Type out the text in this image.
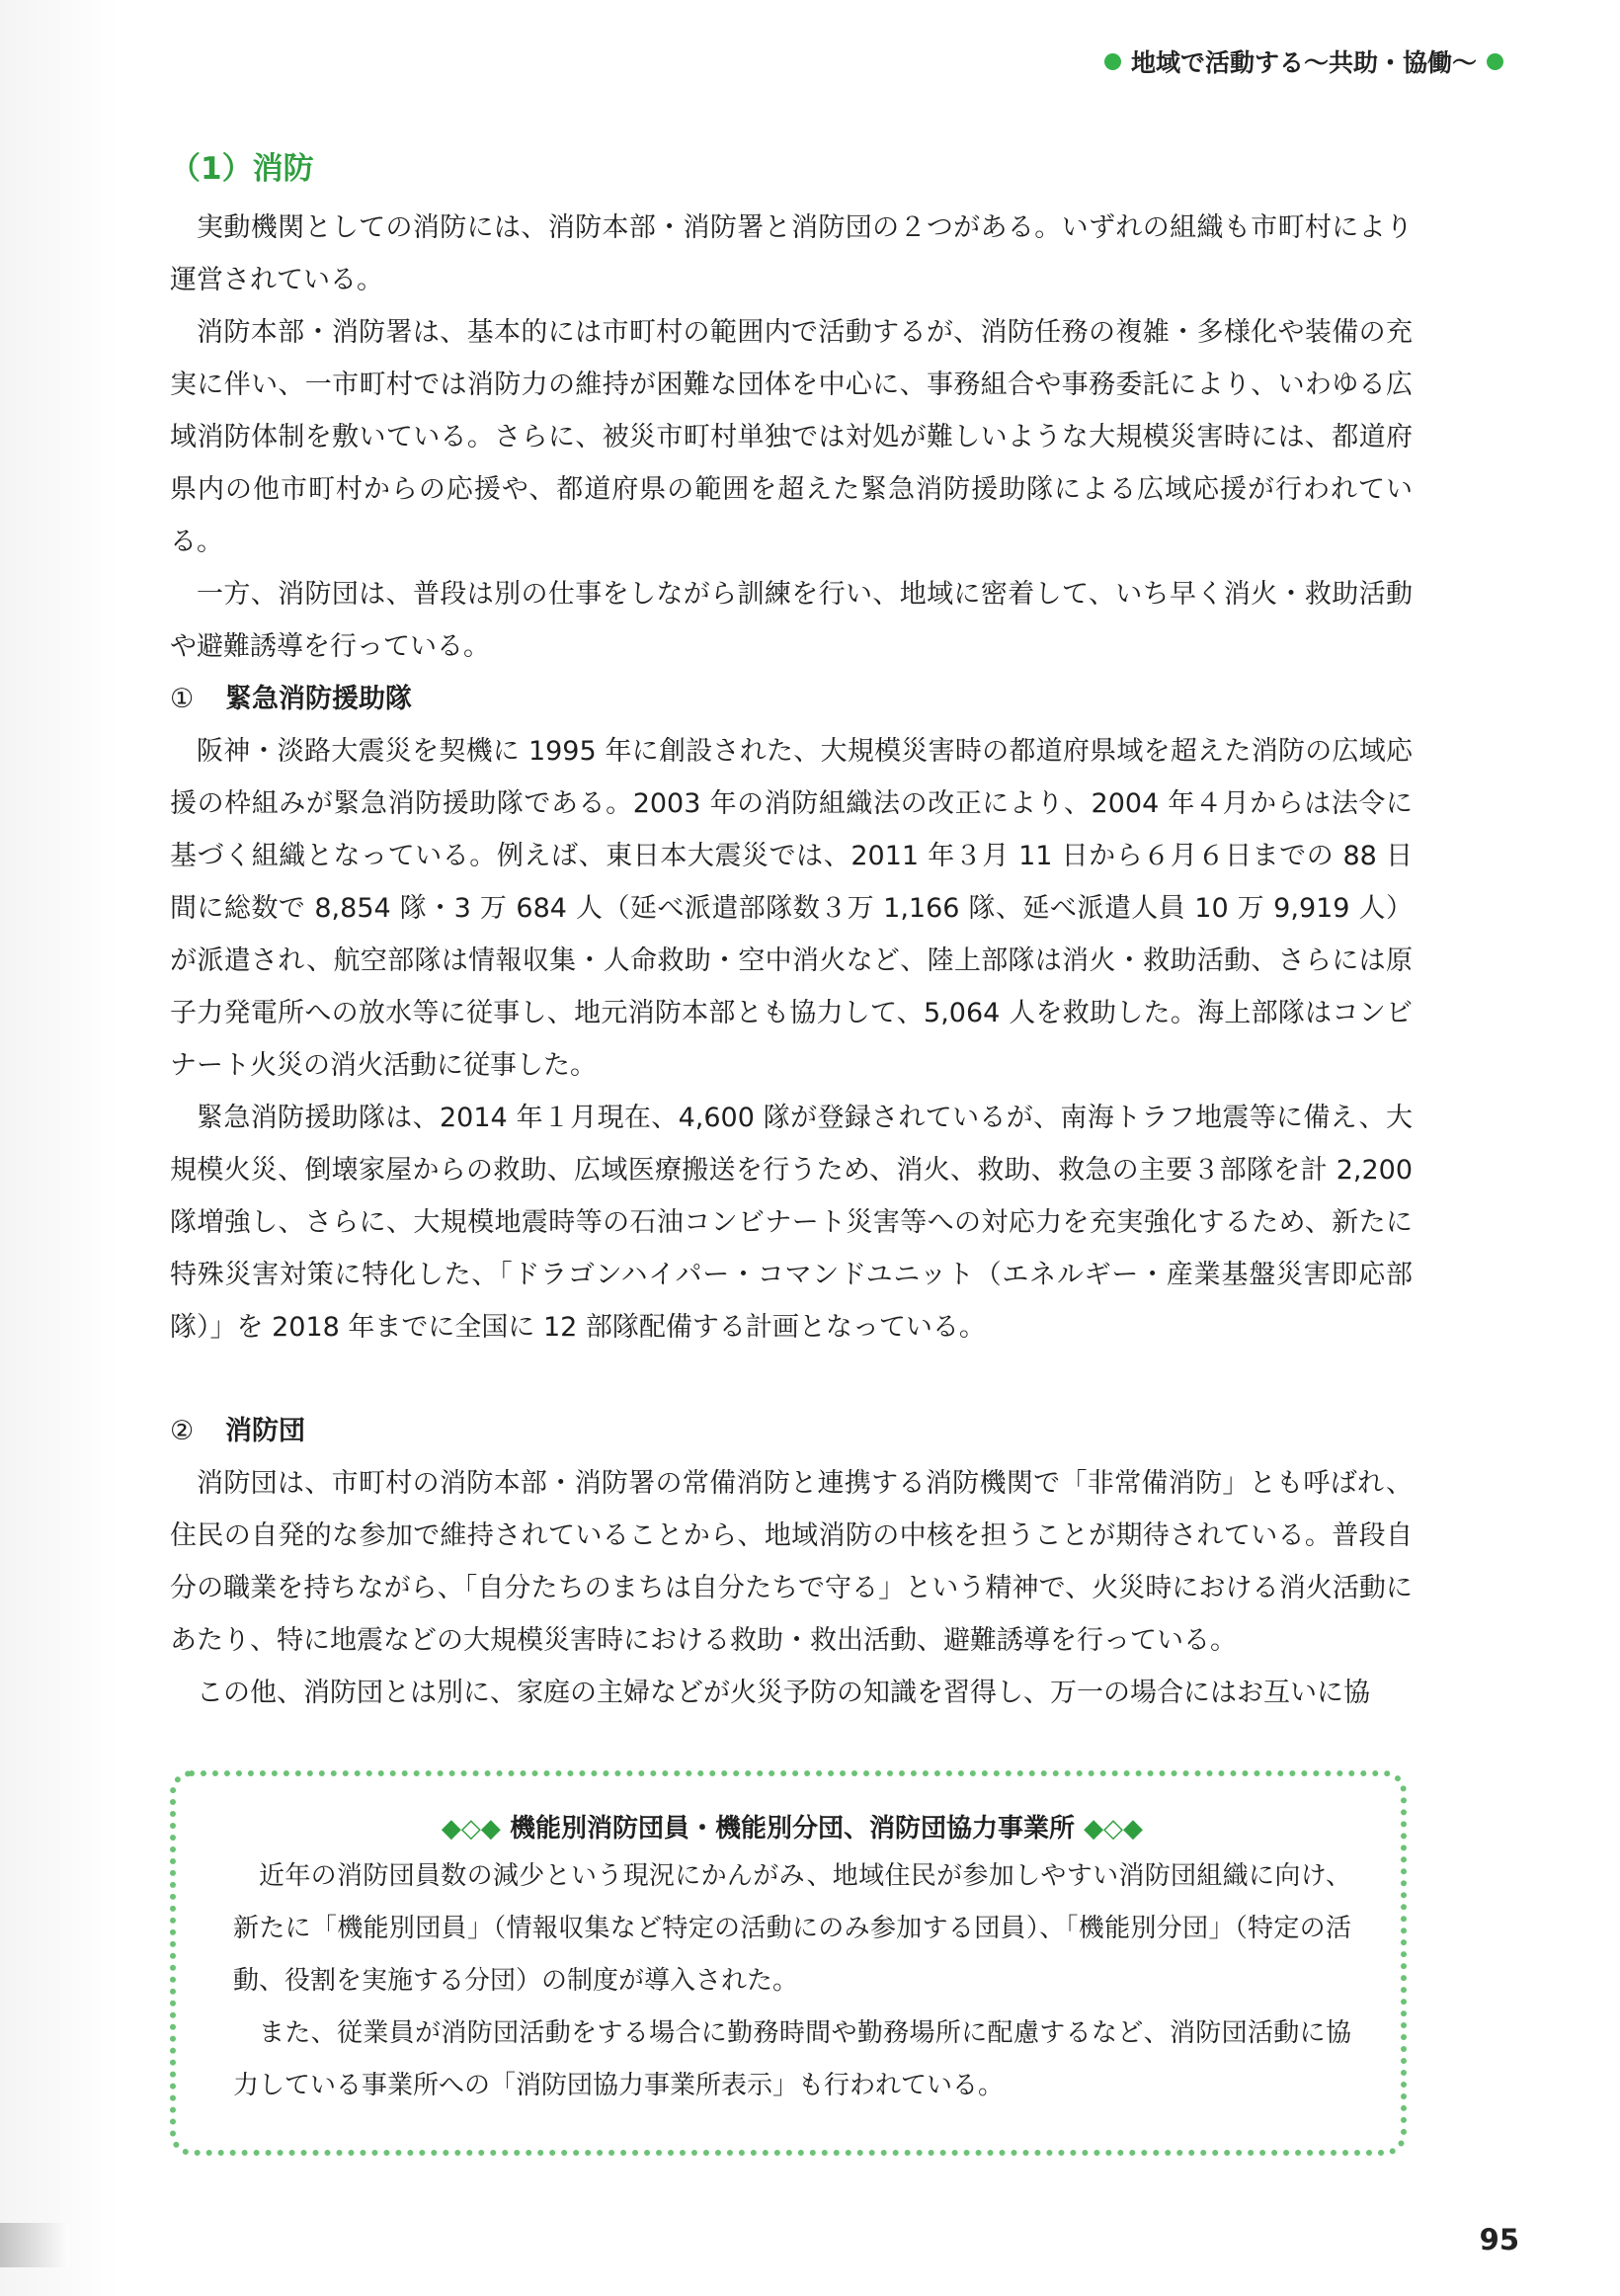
地域で活動する〜共助・協働〜
（1）消防

実動機関としての消防には、消防本部・消防署と消防団の２つがある。いずれの組織も市町村により運営されている。

消防本部・消防署は、基本的には市町村の範囲内で活動するが、消防任務の複雑・多様化や装備の充実に伴い、一市町村では消防力の維持が困難な団体を中心に、事務組合や事務委託により、いわゆる広域消防体制を敷いている。さらに、被災市町村単独では対処が難しいような大規模災害時には、都道府県内の他市町村からの応援や、都道府県の範囲を超えた緊急消防援助隊による広域応援が行われている。

一方、消防団は、普段は別の仕事をしながら訓練を行い、地域に密着して、いち早く消火・救助活動や避難誘導を行っている。

① 緊急消防援助隊

阪神・淡路大震災を契機に 1995 年に創設された、大規模災害時の都道府県域を超えた消防の広域応援の枠組みが緊急消防援助隊である。2003 年の消防組織法の改正により、2004 年４月からは法令に基づく組織となっている。例えば、東日本大震災では、2011 年３月 11 日から６月６日までの 88 日間に総数で 8,854 隊・3 万 684 人（延べ派遣部隊数３万 1,166 隊、延べ派遣人員 10 万 9,919 人）が派遣され、航空部隊は情報収集・人命救助・空中消火など、陸上部隊は消火・救助活動、さらには原子力発電所への放水等に従事し、地元消防本部とも協力して、5,064 人を救助した。海上部隊はコンビナート火災の消火活動に従事した。

緊急消防援助隊は、2014 年１月現在、4,600 隊が登録されているが、南海トラフ地震等に備え、大規模火災、倒壊家屋からの救助、広域医療搬送を行うため、消火、救助、救急の主要３部隊を計 2,200 隊増強し、さらに、大規模地震時等の石油コンビナート災害等への対応力を充実強化するため、新たに特殊災害対策に特化した、「ドラゴンハイパー・コマンドユニット（エネルギー・産業基盤災害即応部隊）」を 2018 年までに全国に 12 部隊配備する計画となっている。

② 消防団

消防団は、市町村の消防本部・消防署の常備消防と連携する消防機関で「非常備消防」とも呼ばれ、住民の自発的な参加で維持されていることから、地域消防の中核を担うことが期待されている。普段自分の職業を持ちながら、「自分たちのまちは自分たちで守る」という精神で、火災時における消火活動にあたり、特に地震などの大規模災害時における救助・救出活動、避難誘導を行っている。

この他、消防団とは別に、家庭の主婦などが火災予防の知識を習得し、万一の場合にはお互いに協

◆◇◆ 機能別消防団員・機能別分団、消防団協力事業所 ◆◇◆

近年の消防団員数の減少という現況にかんがみ、地域住民が参加しやすい消防団組織に向け、新たに「機能別団員」（情報収集など特定の活動にのみ参加する団員）、「機能別分団」（特定の活動、役割を実施する分団）の制度が導入された。

また、従業員が消防団活動をする場合に勤務時間や勤務場所に配慮するなど、消防団活動に協力している事業所への「消防団協力事業所表示」も行われている。

95
